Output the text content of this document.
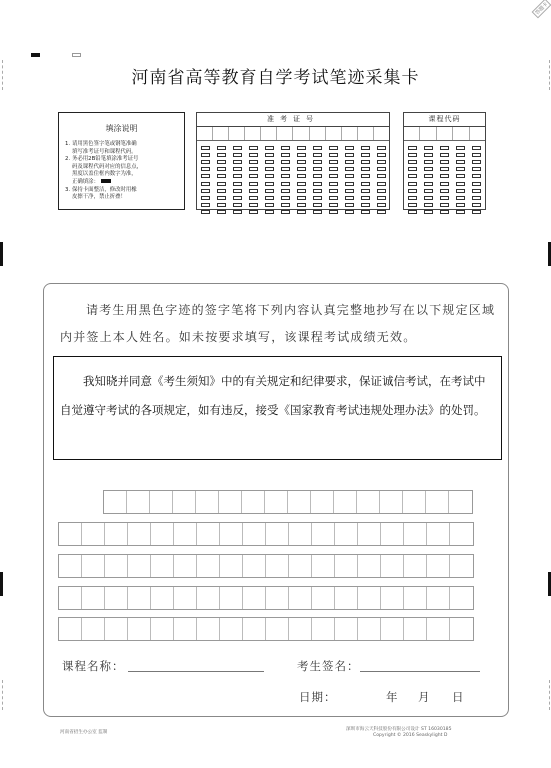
答题卡
河南省高等教育自学考试笔迹采集卡
填涂说明
1. 请用黑色签字笔或钢笔准确
填写准考证号和课程代码。
2. 务必用2B铅笔填涂准考证号
码及课程代码对应的信息点，
黑度以盖住框内数字为准，
正确填涂：
3. 保持卡面整洁，修改时用橡
皮擦干净，禁止折叠！
准考证号	课程代码
请考生用黑色字迹的签字笔将下列内容认真完整地抄写在以下规定区域内并签上本人姓名。如未按要求填写，该课程考试成绩无效。
我知晓并同意《考生须知》中的有关规定和纪律要求，保证诚信考试，在考试中自觉遵守考试的各项规定，如有违反，接受《国家教育考试违规处理办法》的处罚。
课程名称：	考生签名：
日期：	年 月 日
河南省招生办公室 监制
深圳市海云天科技股份有限公司设计 ST 16030185
Copyright © 2016 Seaskylight D
